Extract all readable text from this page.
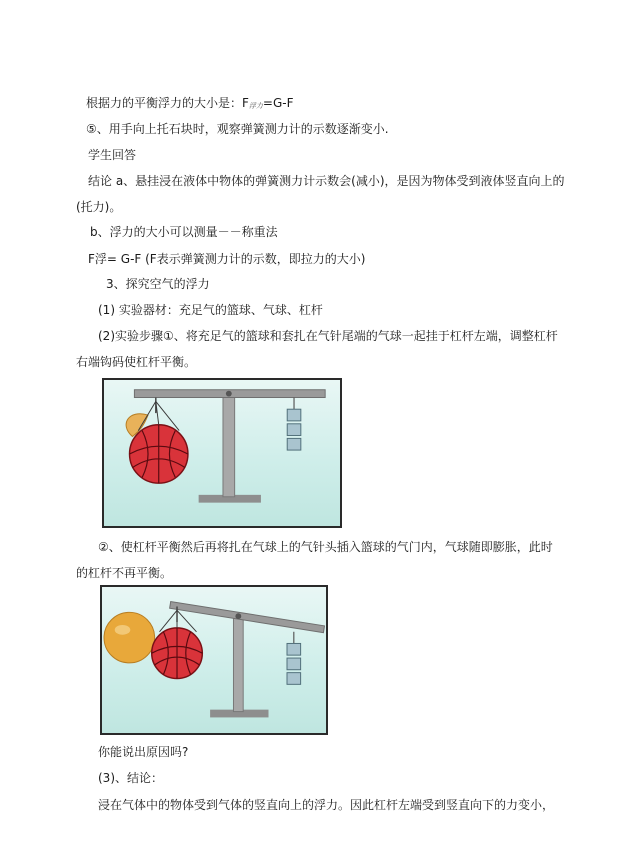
根据力的平衡浮力的大小是：F浮力=G-F
⑤、用手向上托石块时，观察弹簧测力计的示数逐渐变小.
学生回答
结论 a、悬挂浸在液体中物体的弹簧测力计示数会(减小)，是因为物体受到液体竖直向上的
(托力)。
b、浮力的大小可以测量－－称重法
F浮= G-F (F表示弹簧测力计的示数，即拉力的大小)
3、探究空气的浮力
(1) 实验器材：充足气的篮球、气球、杠杆
(2)实验步骤①、将充足气的篮球和套扎在气针尾端的气球一起挂于杠杆左端，调整杠杆
右端钩码使杠杆平衡。
②、使杠杆平衡然后再将扎在气球上的气针头插入篮球的气门内，气球随即膨胀，此时
的杠杆不再平衡。
你能说出原因吗?
(3)、结论：
浸在气体中的物体受到气体的竖直向上的浮力。因此杠杆左端受到竖直向下的力变小，
